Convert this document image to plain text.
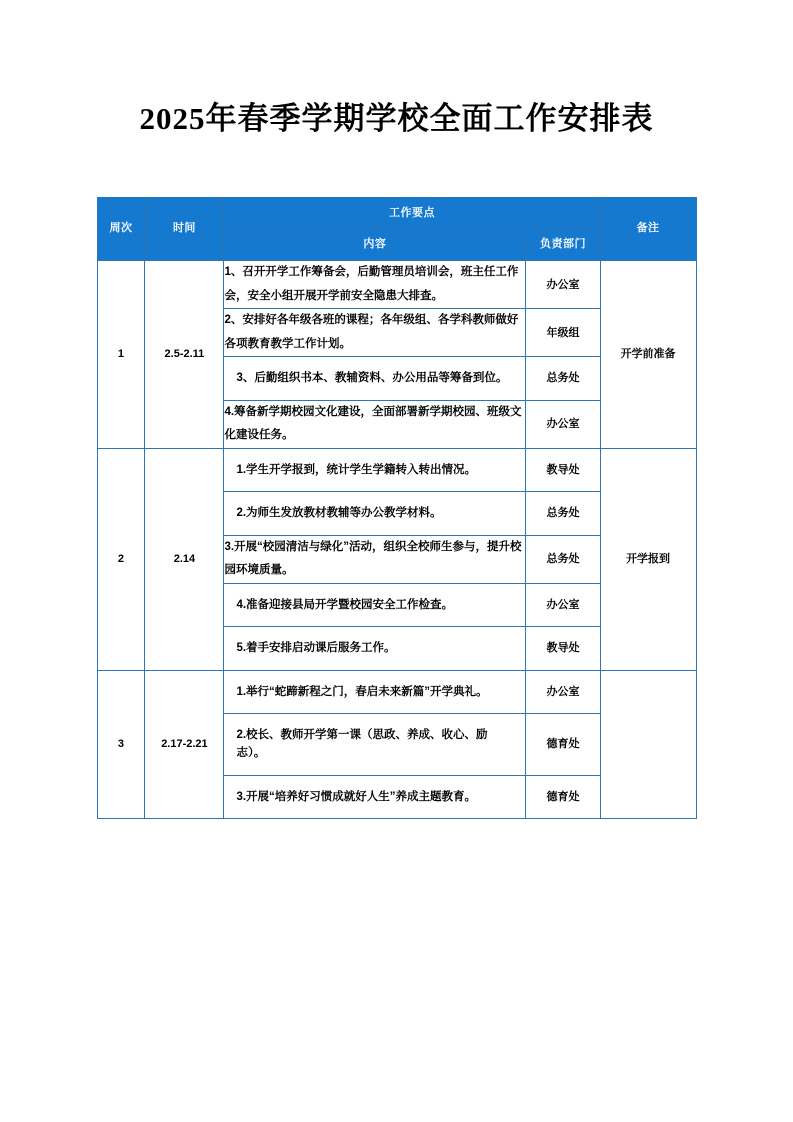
2025年春季学期学校全面工作安排表
周次	时间	工作要点		备注
		内容	负责部门	
1	2.5-2.11	1、召开开学工作筹备会，后勤管理员培训会，班主任工作会，安全小组开展开学前安全隐患大排查。	办公室	开学前准备
		2、安排好各年级各班的课程；各年级组、各学科教师做好各项教育教学工作计划。	年级组	
		3、后勤组织书本、教辅资料、办公用品等筹备到位。	总务处	
		4.筹备新学期校园文化建设，全面部署新学期校园、班级文化建设任务。	办公室	
2	2.14	1.学生开学报到，统计学生学籍转入转出情况。	教导处	开学报到
		2.为师生发放教材教辅等办公教学材料。	总务处	
		3.开展“校园清洁与绿化”活动，组织全校师生参与，提升校园环境质量。	总务处	
		4.准备迎接县局开学暨校园安全工作检查。	办公室	
		5.着手安排启动课后服务工作。	教导处	
3	2.17-2.21	1.举行“蛇蹄新程之门，春启未来新篇”开学典礼。	办公室	
		2.校长、教师开学第一课（思政、养成、收心、励志）。	德育处	
		3.开展“培养好习惯成就好人生”养成主题教育。	德育处	
